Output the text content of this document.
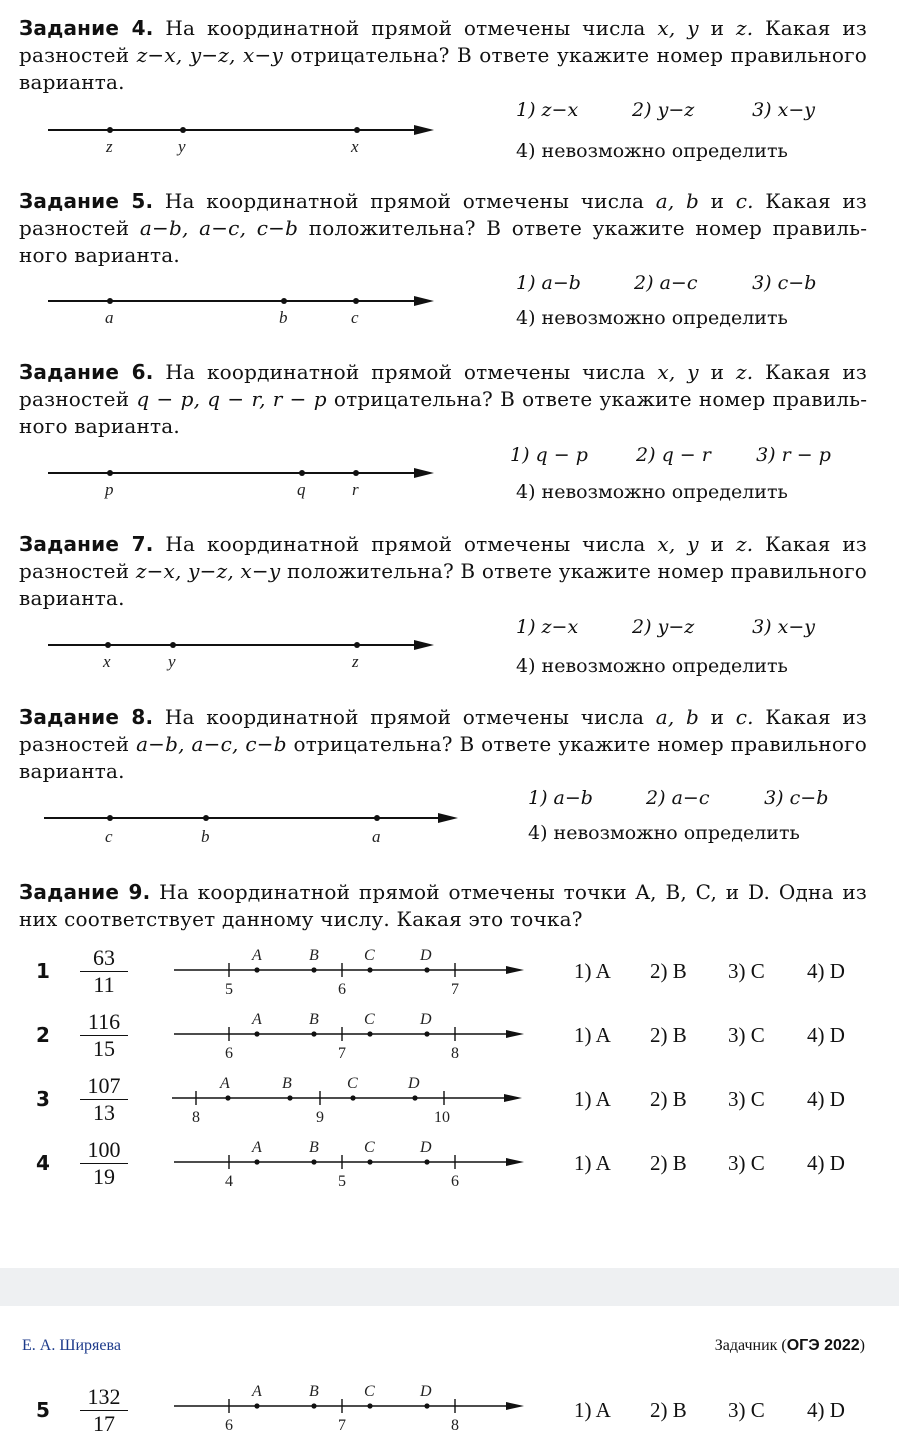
Задание 4. На координатной прямой отмечены числа x, y и z. Какая из разностей z−x, y−z, x−y отрицательна? В ответе укажите номер правильного варианта.
z	y	x
1) z−x	2) y−z	3) x−y
4) невозможно определить
Задание 5. На координатной прямой отмечены числа a, b и c. Какая из разностей a−b, a−c, c−b положительна? В ответе укажите номер правильного варианта.
a	b	c
1) a−b	2) a−c	3) c−b
4) невозможно определить
Задание 6. На координатной прямой отмечены числа x, y и z. Какая из разностей q − p, q − r, r − p отрицательна? В ответе укажите номер правильного варианта.
p	q	r
1) q − p	2) q − r 3) r − p
4) невозможно определить
Задание 7. На координатной прямой отмечены числа x, y и z. Какая из разностей z−x, y−z, x−y положительна? В ответе укажите номер правильного варианта.
x	y	z
1) z−x	2) y−z	3) x−y
4) невозможно определить
Задание 8. На координатной прямой отмечены числа a, b и c. Какая из разностей a−b, a−c, c−b отрицательна? В ответе укажите номер правильного варианта.
c	b	a
1) a−b	2) a−c	3) c−b
4) невозможно определить
Задание 9. На координатной прямой отмечены точки A, B, C, и D. Одна из них соответствует данному числу. Какая это точка?
$1 \frac{63}{11}$	A	B	C	D
5	6	7
1) A 2) B 3) C 4) D
$2 \frac{116}{15}$	A	B	C	D
6	7	8
1) A 2) B 3) C 4) D
$3 \frac{107}{13}$	A	B	C	D
8	9	10
1) A 2) B 3) C 4) D
$4 \frac{100}{19}$	A	B	C	D
4	5	6
1) A 2) B 3) C 4) D
Е. А. Ширяева	Задачник (ОГЭ 2022)
$5 \frac{132}{17}$	A	B	C	D
6	7	8
1) A 2) B 3) C 4) D
